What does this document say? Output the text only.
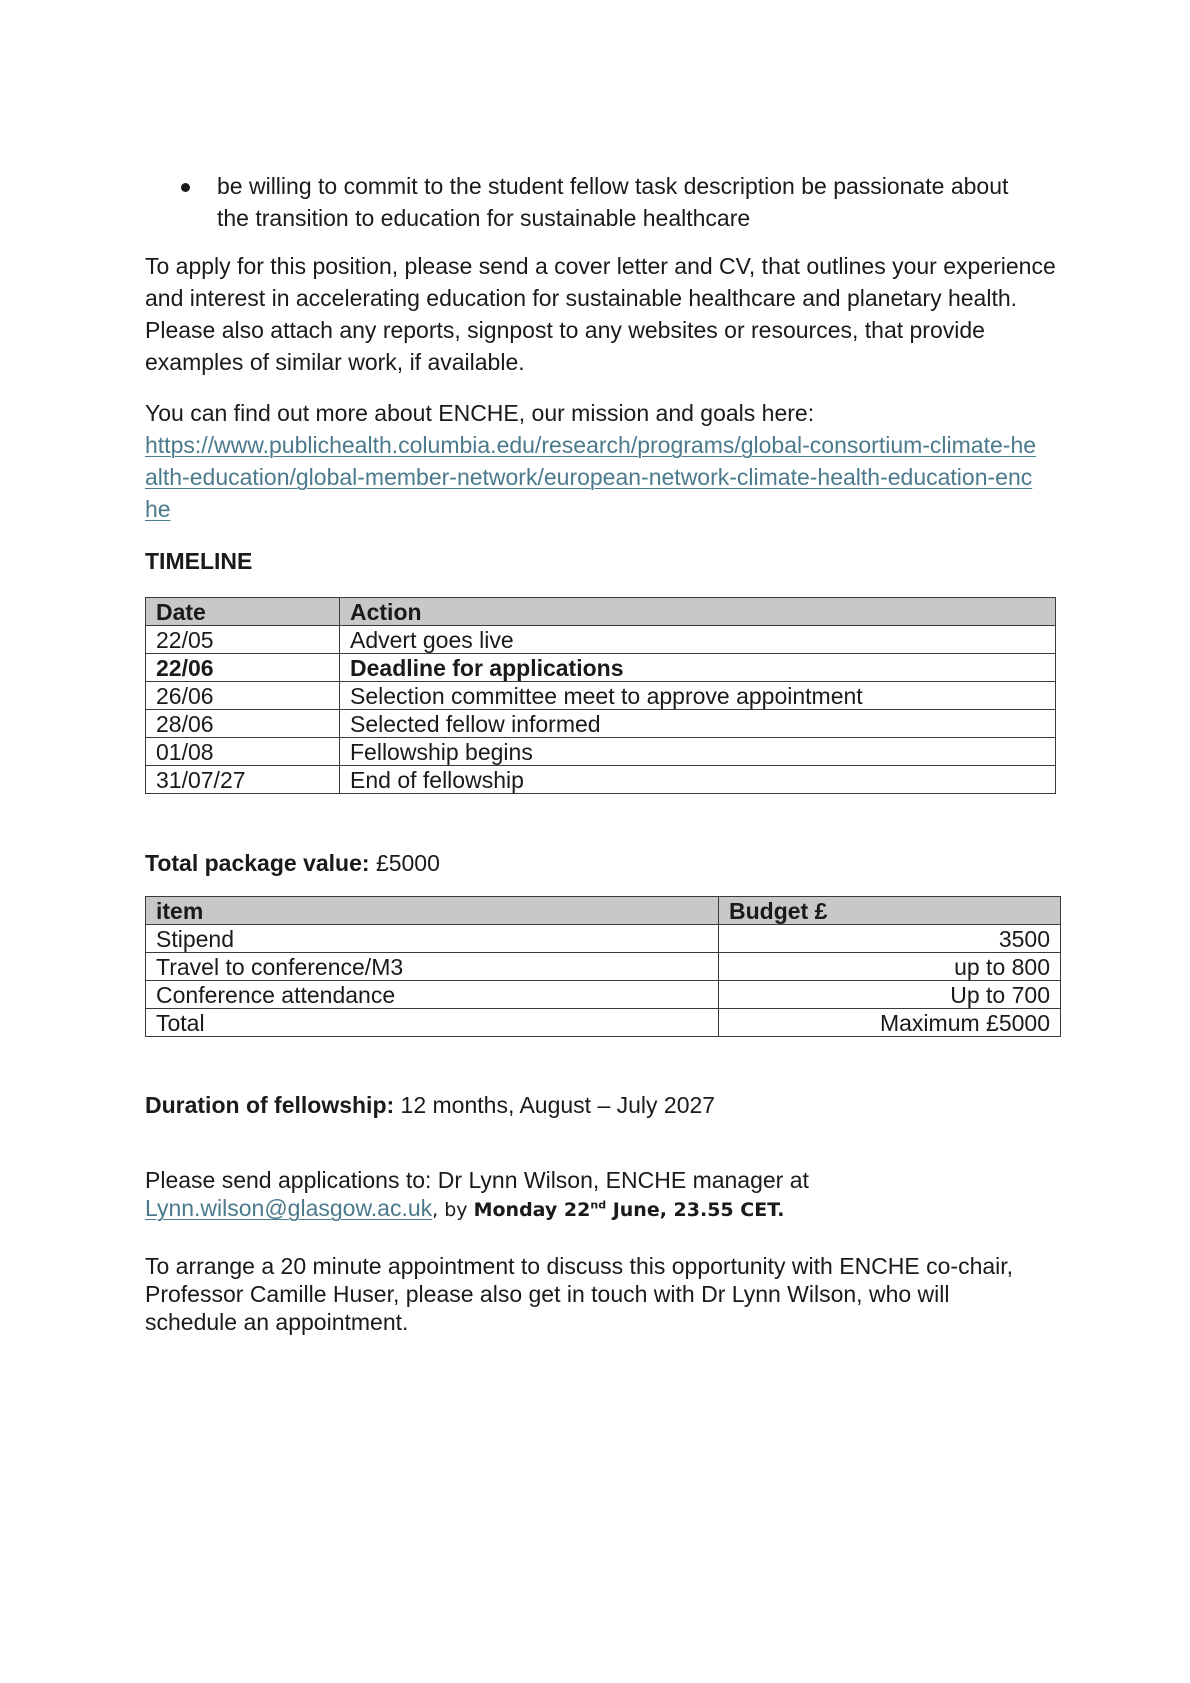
be willing to commit to the student fellow task description be passionate about
the transition to education for sustainable healthcare

To apply for this position, please send a cover letter and CV, that outlines your experience and interest in accelerating education for sustainable healthcare and planetary health. Please also attach any reports, signpost to any websites or resources, that provide examples of similar work, if available.

You can find out more about ENCHE, our mission and goals here:
https://www.publichealth.columbia.edu/research/programs/global-consortium-climate-health-education/global-member-network/european-network-climate-health-education-enche
TIMELINE
Date	Action
22/05	Advert goes live
22/06	Deadline for applications
26/06	Selection committee meet to approve appointment
28/06	Selected fellow informed
01/08	Fellowship begins
31/07/27	End of fellowship
Total package value: £5000
item	Budget £
Stipend	3500
Travel to conference/M3	up to 800
Conference attendance	Up to 700
Total	Maximum £5000
Duration of fellowship: 12 months, August – July 2027
Please send applications to: Dr Lynn Wilson, ENCHE manager at
Lynn.wilson@glasgow.ac.uk, by Monday 22nd June, 23.55 CET.

To arrange a 20 minute appointment to discuss this opportunity with ENCHE co-chair, Professor Camille Huser, please also get in touch with Dr Lynn Wilson, who will schedule an appointment.
